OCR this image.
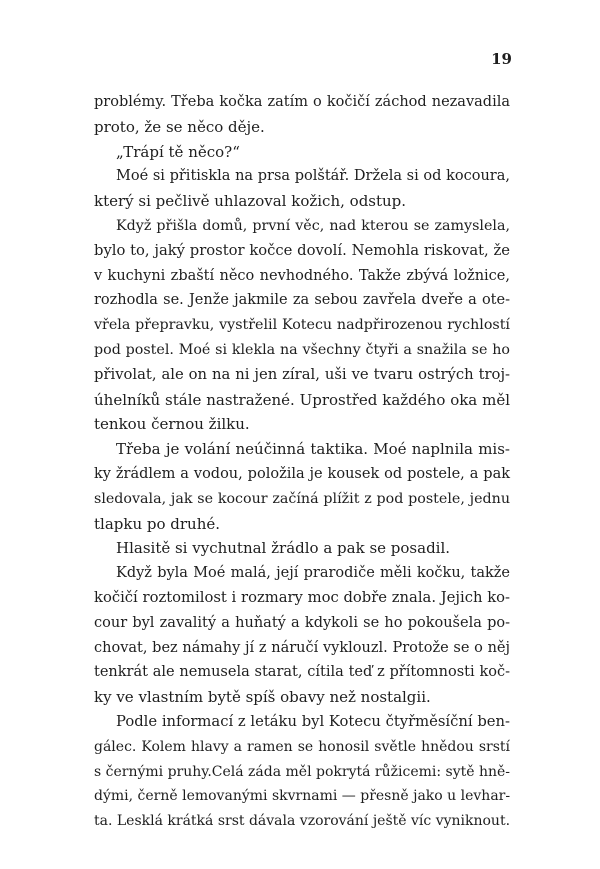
19
problémy. Třeba kočka zatím o kočičí záchod nezavadila
proto, že se něco děje.
„Trápí tě něco?“
Moé si přitiskla na prsa polštář. Držela si od kocoura,
který si pečlivě uhlazoval kožich, odstup.
Když přišla domů, první věc, nad kterou se zamyslela,
bylo to, jaký prostor kočce dovolí. Nemohla riskovat, že
v kuchyni zbaští něco nevhodného. Takže zbývá ložnice,
rozhodla se. Jenže jakmile za sebou zavřela dveře a ote-
vřela přepravku, vystřelil Kotecu nadpřirozenou rychlostí
pod postel. Moé si klekla na všechny čtyři a snažila se ho
přivolat, ale on na ni jen zíral, uši ve tvaru ostrých troj-
úhelníků stále nastražené. Uprostřed každého oka měl
tenkou černou žilku.
Třeba je volání neúčinná taktika. Moé naplnila mis-
ky žrádlem a vodou, položila je kousek od postele, a pak
sledovala, jak se kocour začíná plížit z pod postele, jednu
tlapku po druhé.
Hlasitě si vychutnal žrádlo a pak se posadil.
Když byla Moé malá, její prarodiče měli kočku, takže
kočičí roztomilost i rozmary moc dobře znala. Jejich ko-
cour byl zavalitý a huňatý a kdykoli se ho pokoušela po-
chovat, bez námahy jí z náručí vyklouzl. Protože se o něj
tenkrát ale nemusela starat, cítila teď z přítomnosti koč-
ky ve vlastním bytě spíš obavy než nostalgii.
Podle informací z letáku byl Kotecu čtyřměsíční ben-
gálec. Kolem hlavy a ramen se honosil světle hnědou srstí
s černými pruhy.Celá záda měl pokrytá růžicemi: sytě hně-
dými, černě lemovanými skvrnami — přesně jako u levhar-
ta. Lesklá krátká srst dávala vzorování ještě víc vyniknout.
